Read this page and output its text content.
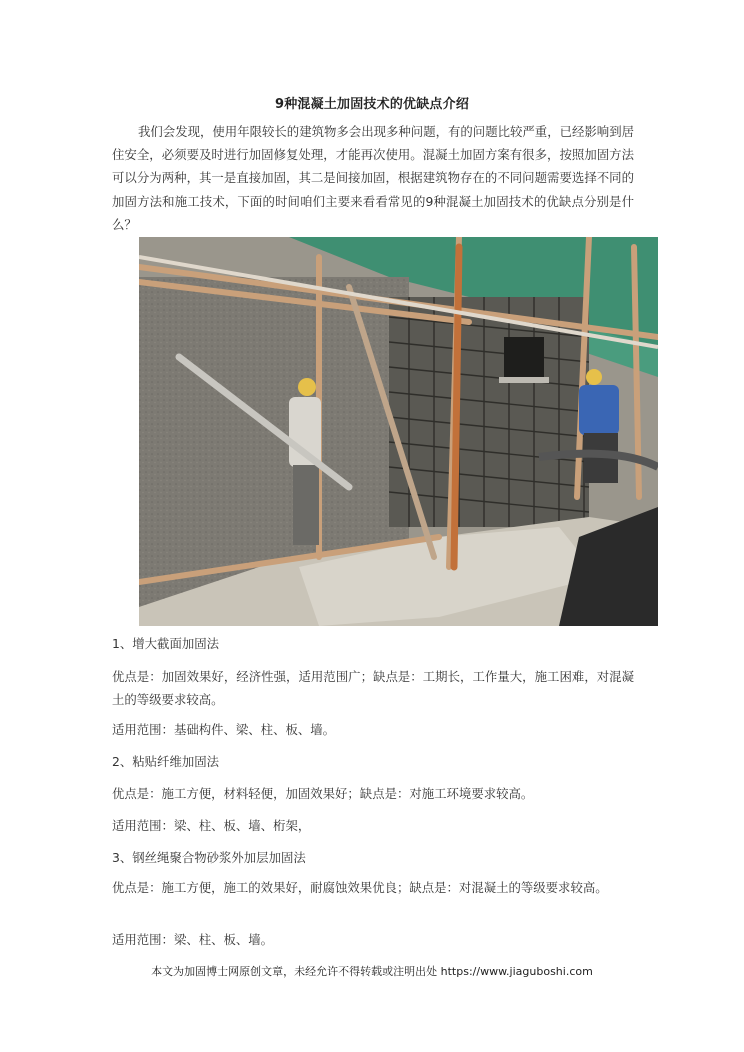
9种混凝土加固技术的优缺点介绍

我们会发现，使用年限较长的建筑物多会出现多种问题，有的问题比较严重，已经影响到居住安全，必须要及时进行加固修复处理，才能再次使用。混凝土加固方案有很多，按照加固方法可以分为两种，其一是直接加固，其二是间接加固，根据建筑物存在的不同问题需要选择不同的加固方法和施工技术，下面的时间咱们主要来看看常见的9种混凝土加固技术的优缺点分别是什么？

1、增大截面加固法

优点是：加固效果好，经济性强，适用范围广；缺点是：工期长，工作量大，施工困难，对混凝土的等级要求较高。

适用范围：基础构件、梁、柱、板、墙。

2、粘贴纤维加固法

优点是：施工方便，材料轻便，加固效果好；缺点是：对施工环境要求较高。

适用范围：梁、柱、板、墙、桁架，

3、钢丝绳聚合物砂浆外加层加固法

优点是：施工方便，施工的效果好，耐腐蚀效果优良；缺点是：对混凝土的等级要求较高。

适用范围：梁、柱、板、墙。

本文为加固博士网原创文章，未经允许不得转载或注明出处 https://www.jiaguboshi.com
